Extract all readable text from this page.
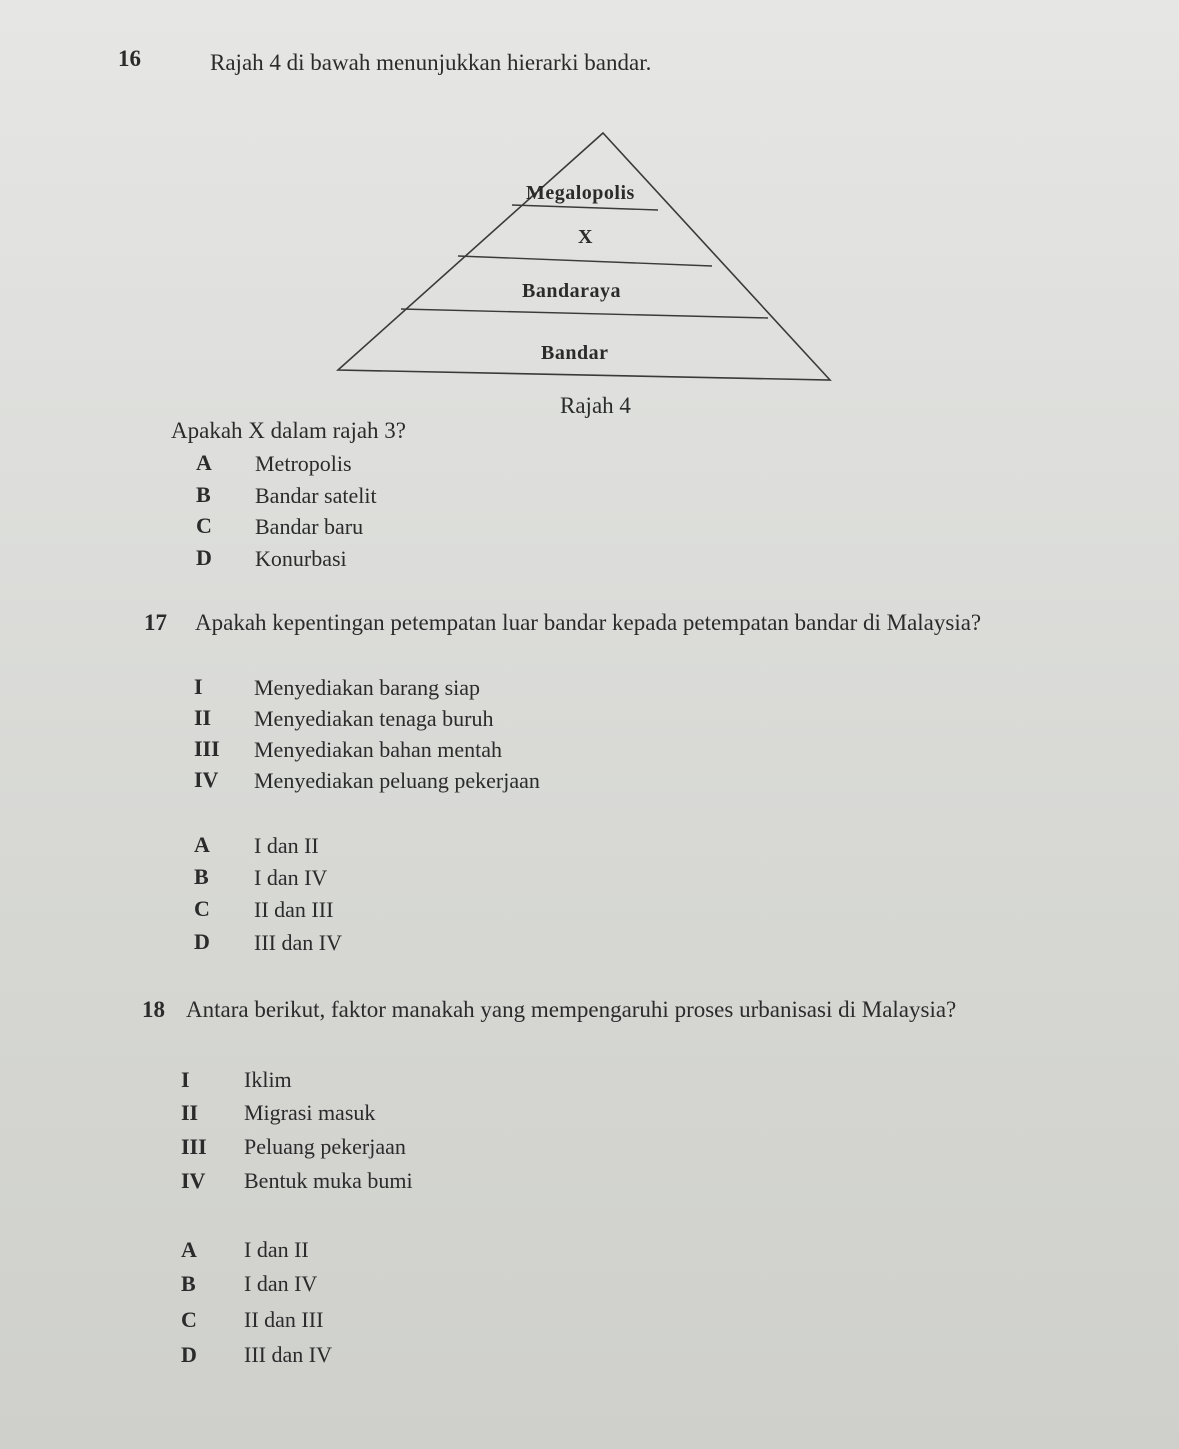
16	Rajah 4 di bawah menunjukkan hierarki bandar.
Megalopolis
X
Bandaraya
Bandar
Rajah 4
Apakah X dalam rajah 3?
A Metropolis
B Bandar satelit
C Bandar baru
D Konurbasi
17 Apakah kepentingan petempatan luar bandar kepada petempatan bandar di Malaysia?
I Menyediakan barang siap
II Menyediakan tenaga buruh
III Menyediakan bahan mentah
IV Menyediakan peluang pekerjaan
A I dan II
B I dan IV
C II dan III
D III dan IV
18 Antara berikut, faktor manakah yang mempengaruhi proses urbanisasi di Malaysia?
I Iklim
II Migrasi masuk
III Peluang pekerjaan
IV Bentuk muka bumi
A I dan II
B I dan IV
C II dan III
D III dan IV
